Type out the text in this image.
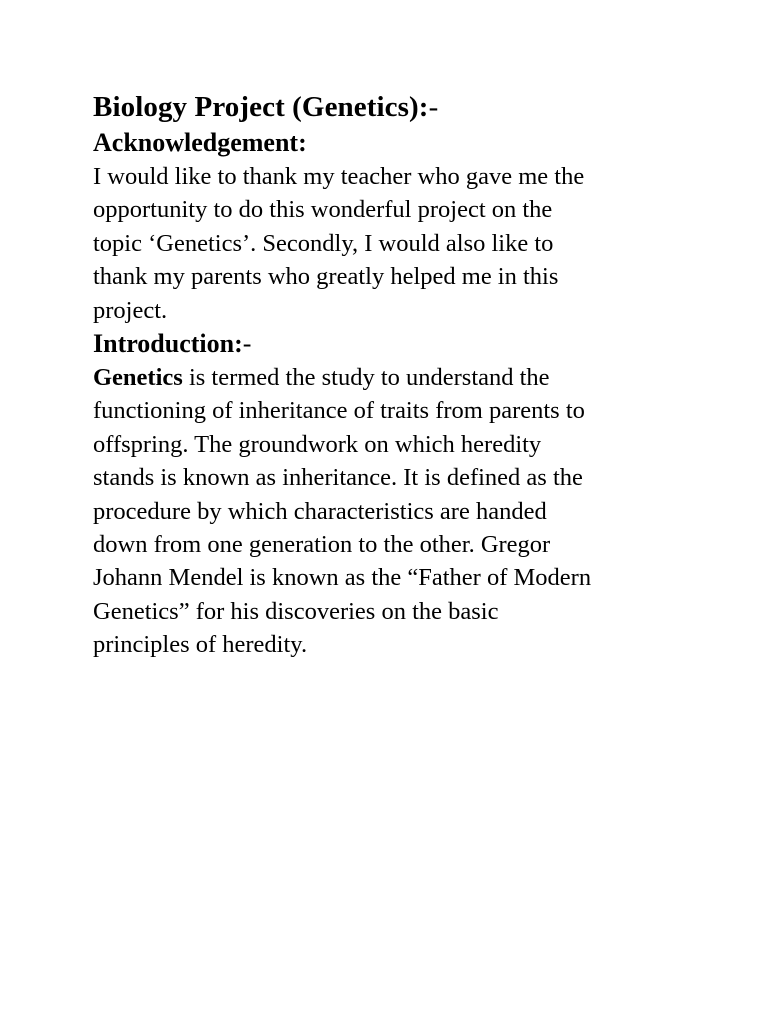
Biology Project (Genetics):-
Acknowledgement:

I would like to thank my teacher who gave me the
opportunity to do this wonderful project on the
topic ‘Genetics’. Secondly, I would also like to
thank my parents who greatly helped me in this
project.

Introduction:-

Genetics is termed the study to understand the
functioning of inheritance of traits from parents to
offspring. The groundwork on which heredity
stands is known as inheritance. It is defined as the
procedure by which characteristics are handed
down from one generation to the other. Gregor
Johann Mendel is known as the “Father of Modern
Genetics” for his discoveries on the basic
principles of heredity.
